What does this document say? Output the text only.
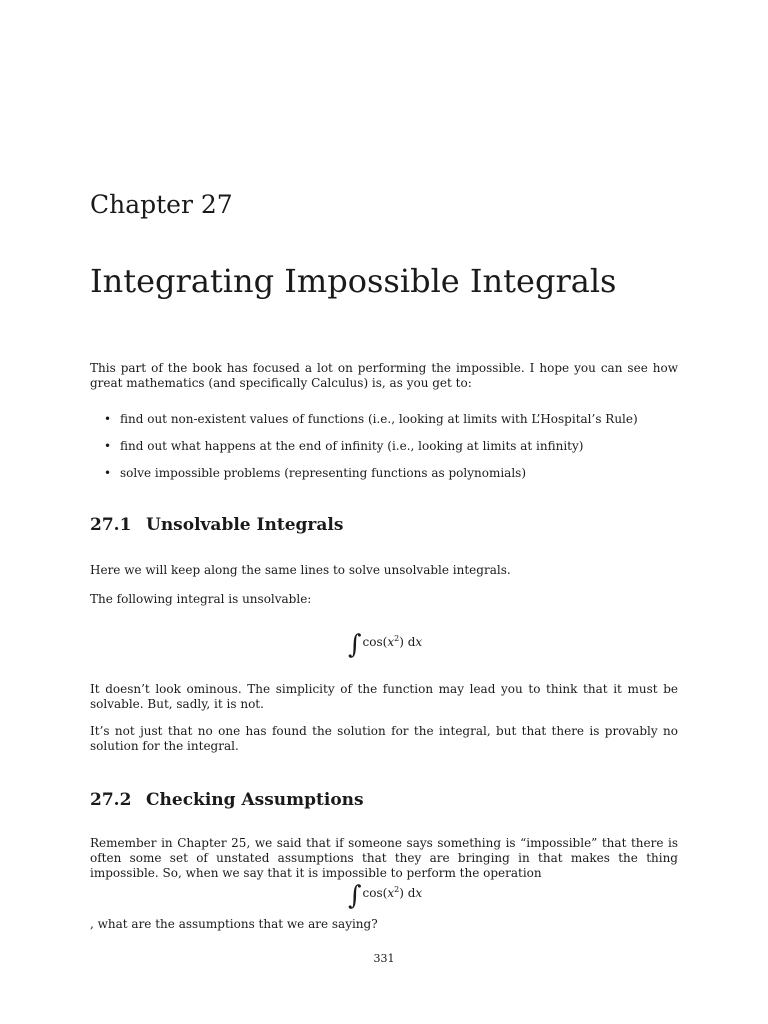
Chapter 27
Integrating Impossible Integrals

This part of the book has focused a lot on performing the impossible. I hope you can see how great mathematics (and specifically Calculus) is, as you get to:

• find out non-existent values of functions (i.e., looking at limits with L’Hospital’s Rule)
• find out what happens at the end of infinity (i.e., looking at limits at infinity)
• solve impossible problems (representing functions as polynomials)
27.1 Unsolvable Integrals

Here we will keep along the same lines to solve unsolvable integrals.

The following integral is unsolvable:

$\int\cos(x^2)$ dx

It doesn’t look ominous. The simplicity of the function may lead you to think that it must be solvable. But, sadly, it is not.

It’s not just that no one has found the solution for the integral, but that there is provably no solution for the integral.

27.2 Checking Assumptions

Remember in Chapter 25, we said that if someone says something is “impossible” that there is often some set of unstated assumptions that they are bringing in that makes the thing impossible. So, when we say that it is impossible to perform the operation

$\int\cos(x^2)$ dx

, what are the assumptions that we are saying?

331
